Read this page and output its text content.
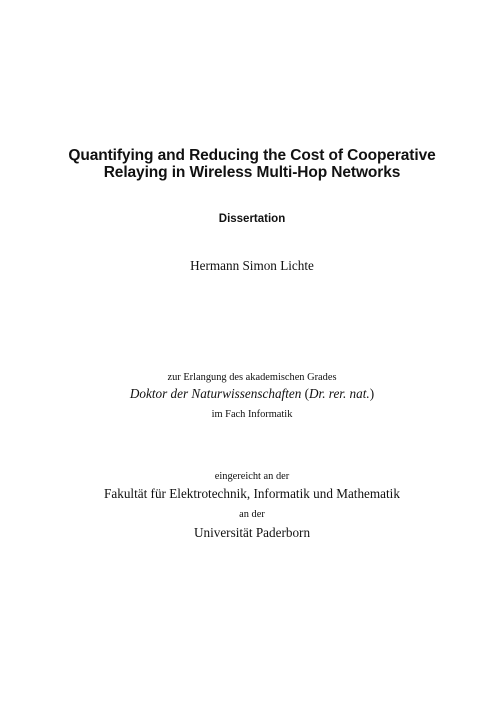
Quantifying and Reducing the Cost of Cooperative
Relaying in Wireless Multi-Hop Networks
Dissertation
Hermann Simon Lichte
zur Erlangung des akademischen Grades
Doktor der Naturwissenschaften (Dr. rer. nat.)
im Fach Informatik
eingereicht an der
Fakultät für Elektrotechnik, Informatik und Mathematik
an der
Universität Paderborn
